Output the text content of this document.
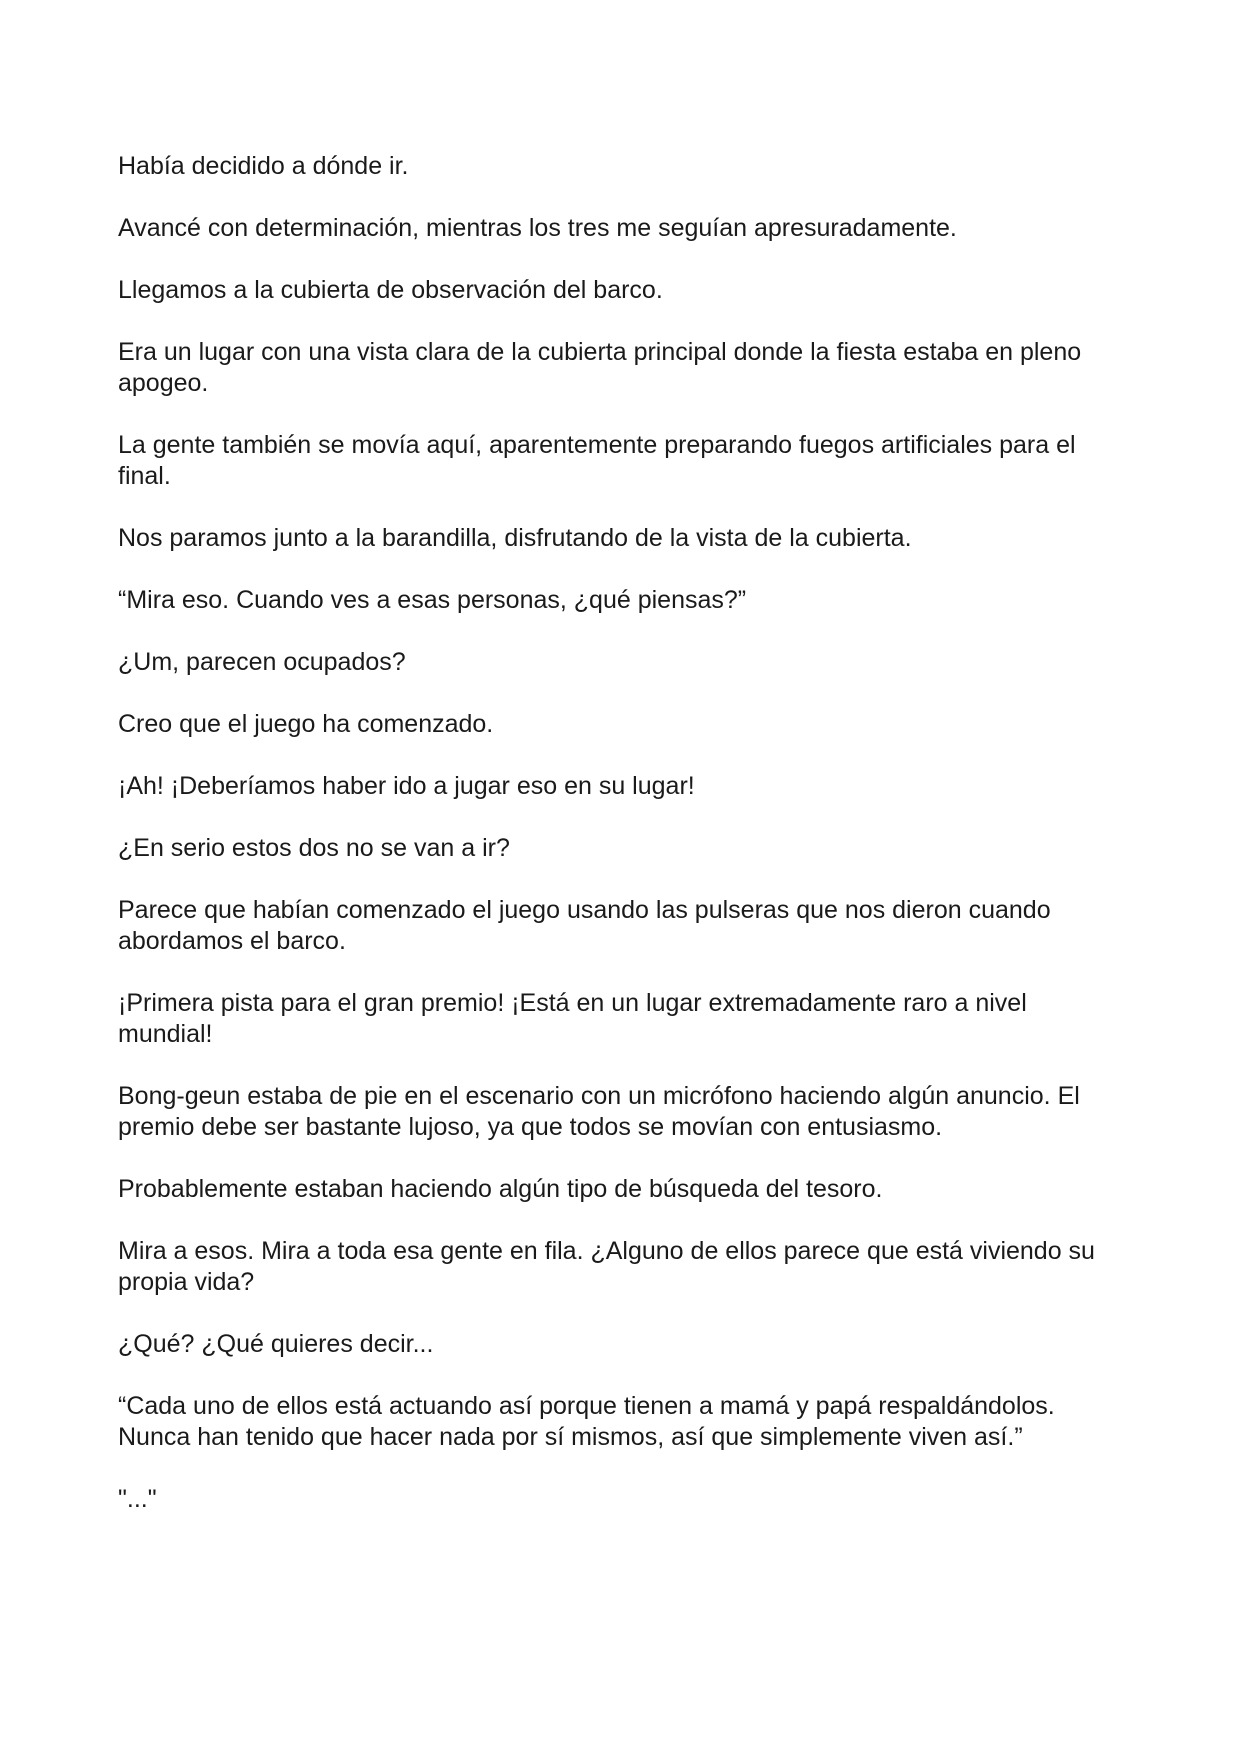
Había decidido a dónde ir.

Avancé con determinación, mientras los tres me seguían apresuradamente.

Llegamos a la cubierta de observación del barco.

Era un lugar con una vista clara de la cubierta principal donde la fiesta estaba en pleno apogeo.

La gente también se movía aquí, aparentemente preparando fuegos artificiales para el final.

Nos paramos junto a la barandilla, disfrutando de la vista de la cubierta.

“Mira eso. Cuando ves a esas personas, ¿qué piensas?”

¿Um, parecen ocupados?

Creo que el juego ha comenzado.

¡Ah! ¡Deberíamos haber ido a jugar eso en su lugar!

¿En serio estos dos no se van a ir?

Parece que habían comenzado el juego usando las pulseras que nos dieron cuando abordamos el barco.

¡Primera pista para el gran premio! ¡Está en un lugar extremadamente raro a nivel mundial!

Bong-geun estaba de pie en el escenario con un micrófono haciendo algún anuncio. El premio debe ser bastante lujoso, ya que todos se movían con entusiasmo.

Probablemente estaban haciendo algún tipo de búsqueda del tesoro.

Mira a esos. Mira a toda esa gente en fila. ¿Alguno de ellos parece que está viviendo su propia vida?

¿Qué? ¿Qué quieres decir...

“Cada uno de ellos está actuando así porque tienen a mamá y papá respaldándolos. Nunca han tenido que hacer nada por sí mismos, así que simplemente viven así.”

"..."
